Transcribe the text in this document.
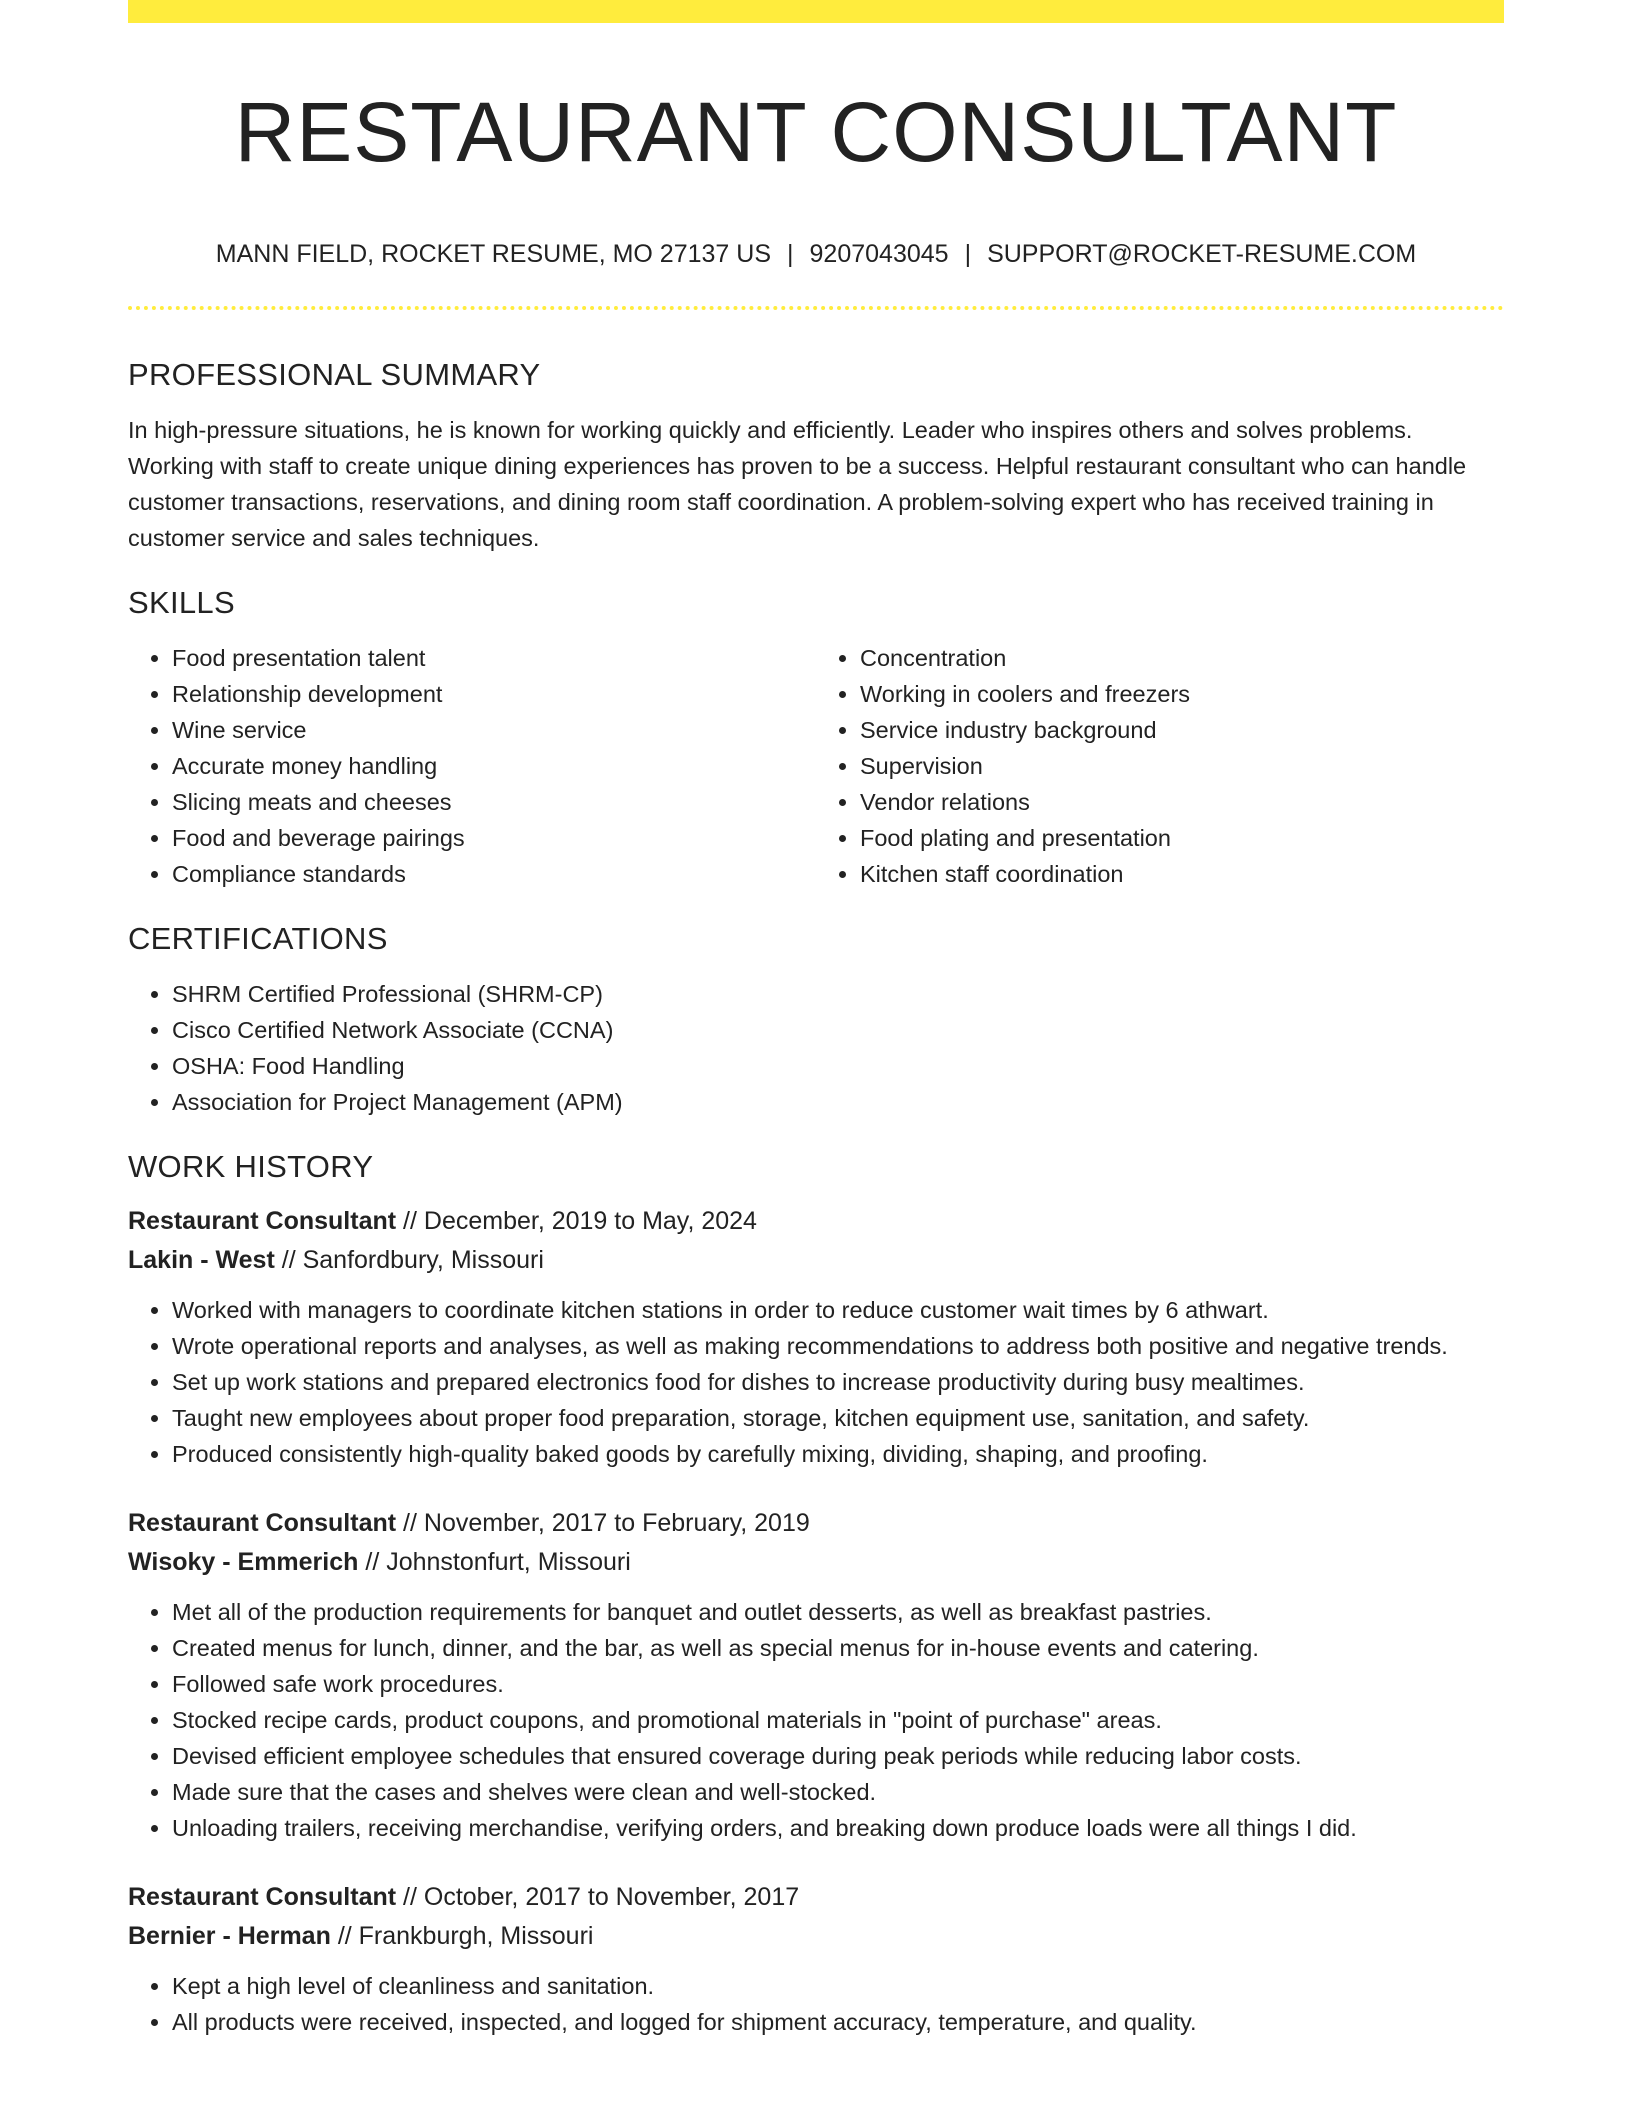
RESTAURANT CONSULTANT
MANN FIELD, ROCKET RESUME, MO 27137 US | 9207043045 | SUPPORT@ROCKET-RESUME.COM
PROFESSIONAL SUMMARY

In high-pressure situations, he is known for working quickly and efficiently. Leader who inspires others and solves problems. Working with staff to create unique dining experiences has proven to be a success. Helpful restaurant consultant who can handle customer transactions, reservations, and dining room staff coordination. A problem-solving expert who has received training in customer service and sales techniques.

SKILLS
• Food presentation talent
• Relationship development
• Wine service
• Accurate money handling
• Slicing meats and cheeses
• Food and beverage pairings
• Compliance standards
• Concentration
• Working in coolers and freezers
• Service industry background
• Supervision
• Vendor relations
• Food plating and presentation
• Kitchen staff coordination
CERTIFICATIONS
• SHRM Certified Professional (SHRM-CP)
• Cisco Certified Network Associate (CCNA)
• OSHA: Food Handling
• Association for Project Management (APM)
WORK HISTORY
Restaurant Consultant // December, 2019 to May, 2024
Lakin - West // Sanfordbury, Missouri
• Worked with managers to coordinate kitchen stations in order to reduce customer wait times by 6 athwart.
• Wrote operational reports and analyses, as well as making recommendations to address both positive and negative trends.
• Set up work stations and prepared electronics food for dishes to increase productivity during busy mealtimes.
• Taught new employees about proper food preparation, storage, kitchen equipment use, sanitation, and safety.
• Produced consistently high-quality baked goods by carefully mixing, dividing, shaping, and proofing.
Restaurant Consultant // November, 2017 to February, 2019
Wisoky - Emmerich // Johnstonfurt, Missouri
• Met all of the production requirements for banquet and outlet desserts, as well as breakfast pastries.
• Created menus for lunch, dinner, and the bar, as well as special menus for in-house events and catering.
• Followed safe work procedures.
• Stocked recipe cards, product coupons, and promotional materials in "point of purchase" areas.
• Devised efficient employee schedules that ensured coverage during peak periods while reducing labor costs.
• Made sure that the cases and shelves were clean and well-stocked.
• Unloading trailers, receiving merchandise, verifying orders, and breaking down produce loads were all things I did.
Restaurant Consultant // October, 2017 to November, 2017
Bernier - Herman // Frankburgh, Missouri
• Kept a high level of cleanliness and sanitation.
• All products were received, inspected, and logged for shipment accuracy, temperature, and quality.
